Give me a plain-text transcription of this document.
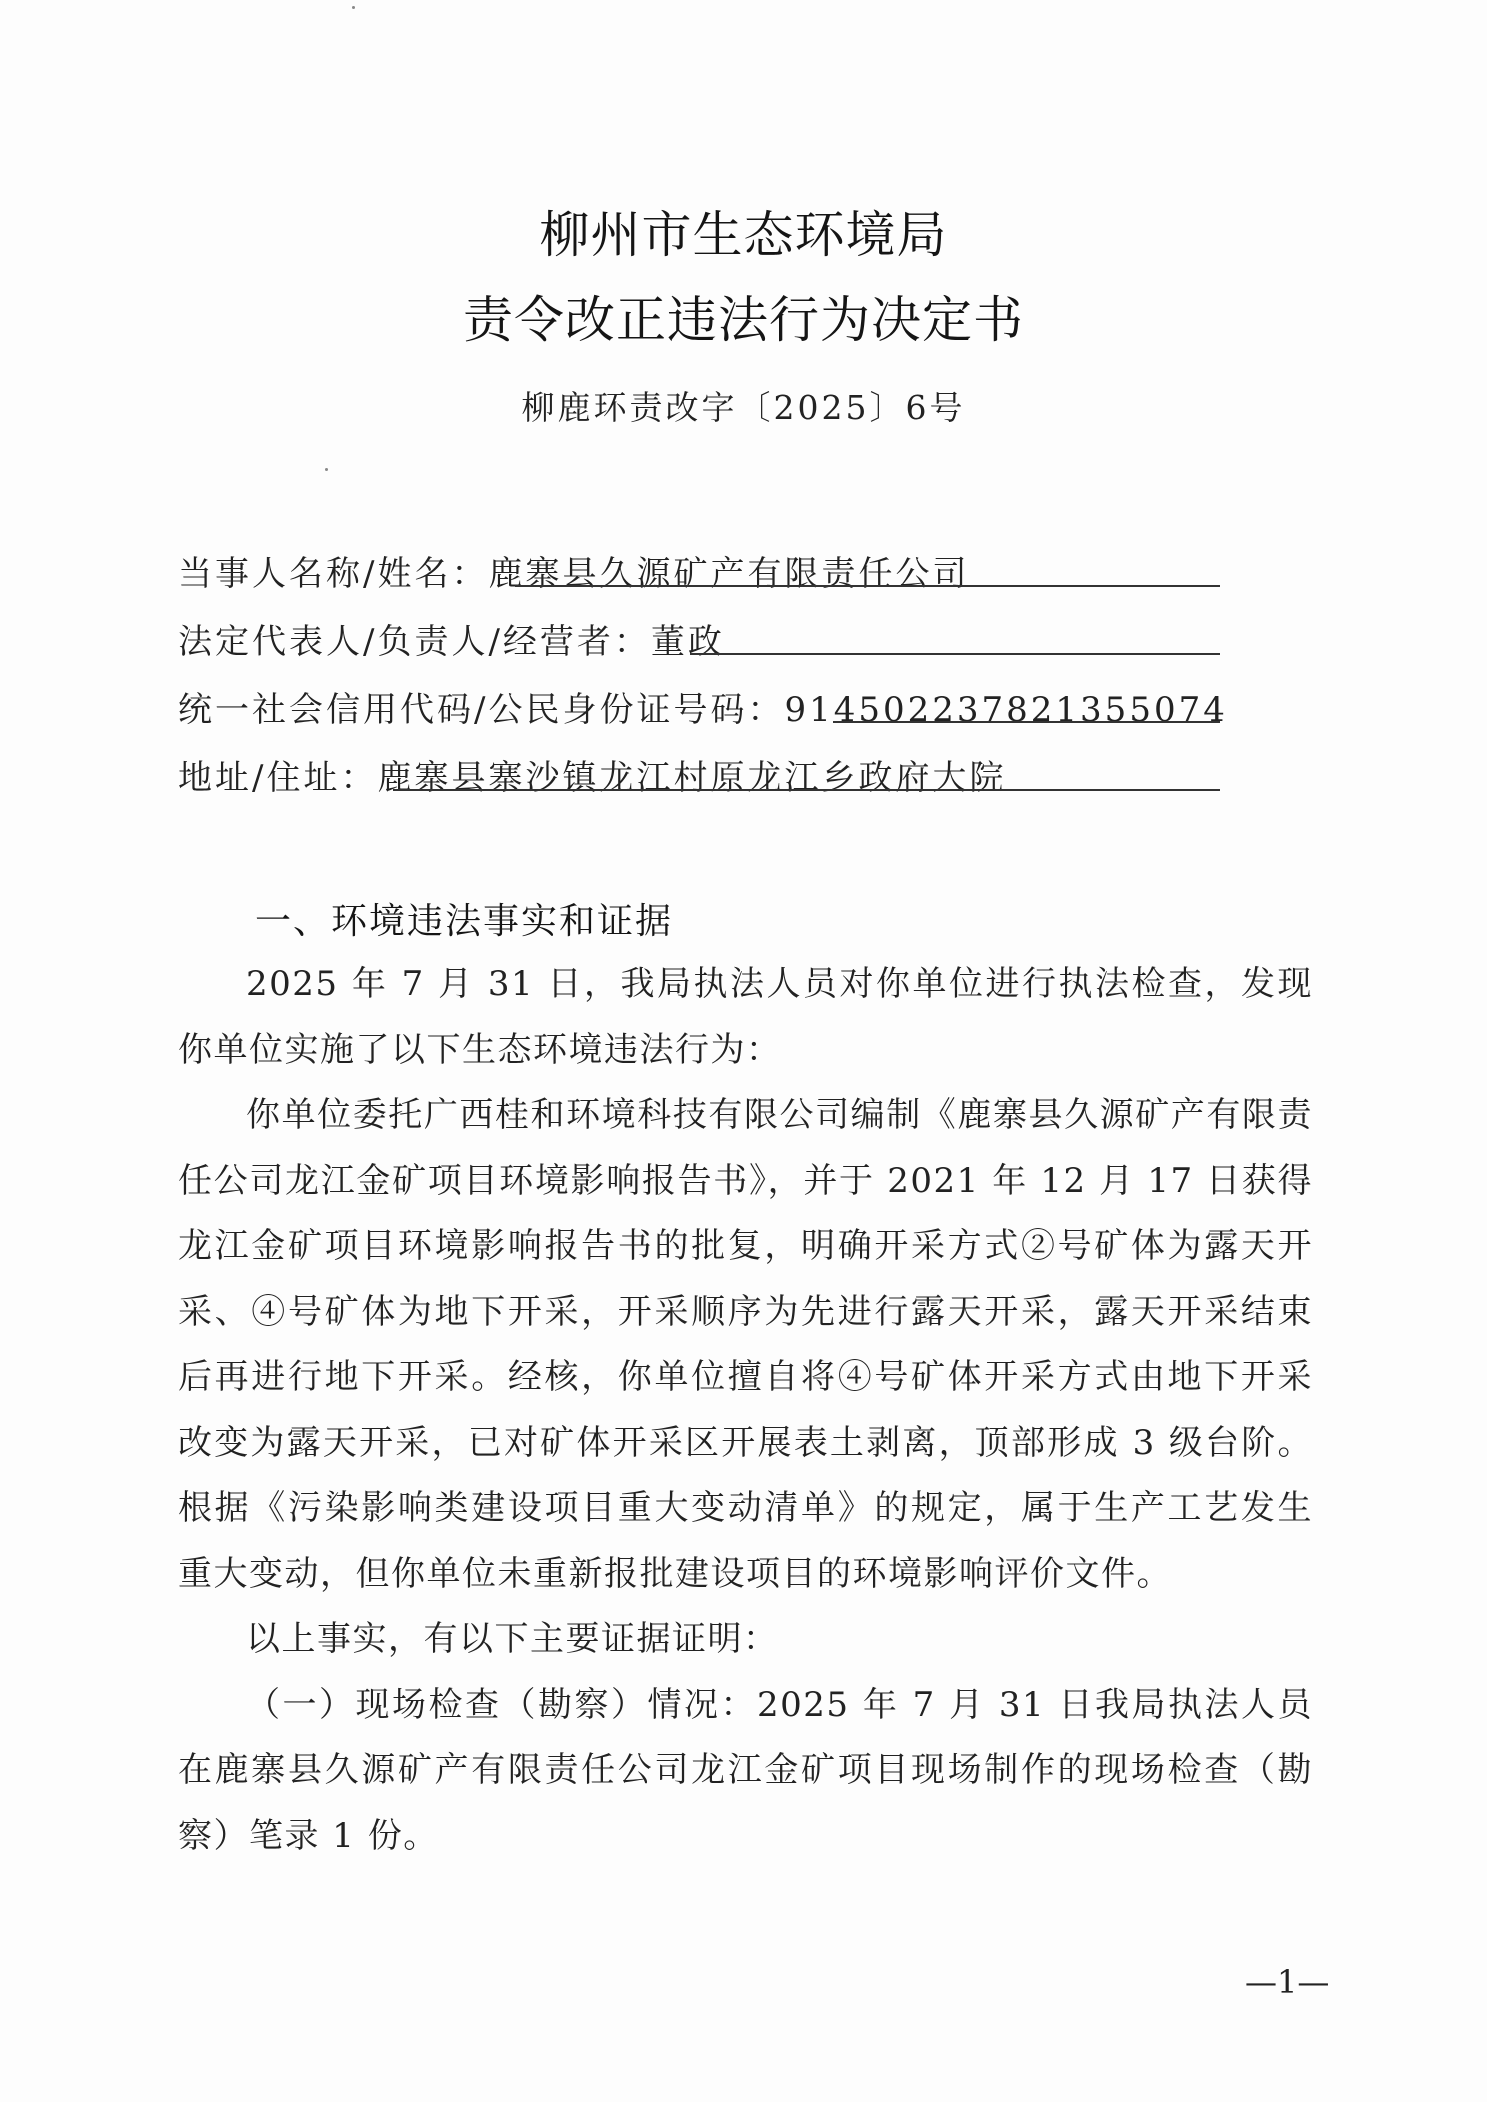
柳州市生态环境局
责令改正违法行为决定书
柳鹿环责改字〔2025〕6号
当事人名称/姓名：鹿寨县久源矿产有限责任公司
法定代表人/负责人/经营者：董政
统一社会信用代码/公民身份证号码：914502237821355074
地址/住址：鹿寨县寨沙镇龙江村原龙江乡政府大院
一、环境违法事实和证据

2025 年 7 月 31 日，我局执法人员对你单位进行执法检查，发现你单位实施了以下生态环境违法行为：

你单位委托广西桂和环境科技有限公司编制《鹿寨县久源矿产有限责任公司龙江金矿项目环境影响报告书》，并于 2021 年 12 月 17 日获得龙江金矿项目环境影响报告书的批复，明确开采方式②号矿体为露天开采、④号矿体为地下开采，开采顺序为先进行露天开采，露天开采结束后再进行地下开采。经核，你单位擅自将④号矿体开采方式由地下开采改变为露天开采，已对矿体开采区开展表土剥离，顶部形成 3 级台阶。根据《污染影响类建设项目重大变动清单》的规定，属于生产工艺发生重大变动，但你单位未重新报批建设项目的环境影响评价文件。

以上事实，有以下主要证据证明：

（一）现场检查（勘察）情况：2025 年 7 月 31 日我局执法人员在鹿寨县久源矿产有限责任公司龙江金矿项目现场制作的现场检查（勘察）笔录 1 份。

—1—
